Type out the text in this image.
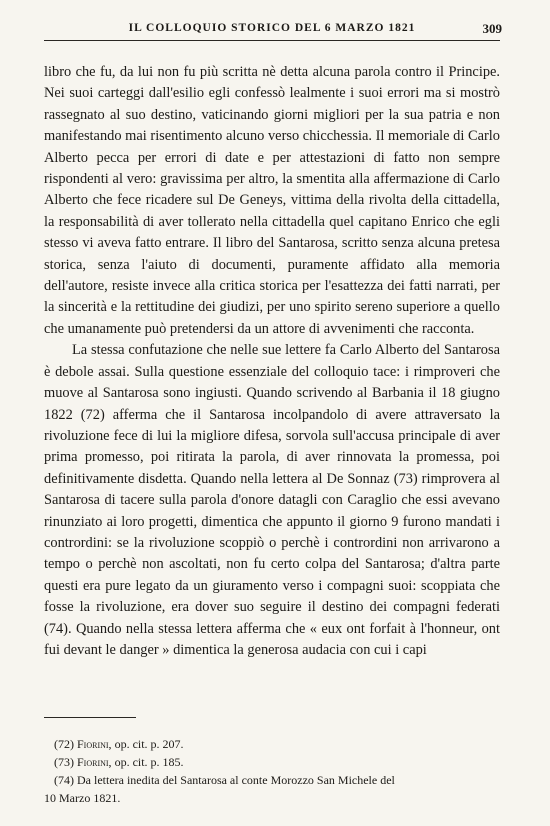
IL COLLOQUIO STORICO DEL 6 MARZO 1821	309

libro che fu, da lui non fu più scritta nè detta alcuna parola contro il Principe. Nei suoi carteggi dall'esilio egli confessò lealmente i suoi errori ma si mostrò rassegnato al suo destino, vaticinando giorni migliori per la sua patria e non manifestando mai risentimento alcuno verso chicchessia. Il memoriale di Carlo Alberto pecca per errori di date e per attestazioni di fatto non sempre rispondenti al vero: gravissima per altro, la smentita alla affermazione di Carlo Alberto che fece ricadere sul De Geneys, vittima della rivolta della cittadella, la responsabilità di aver tollerato nella cittadella quel capitano Enrico che egli stesso vi aveva fatto entrare. Il libro del Santarosa, scritto senza alcuna pretesa storica, senza l'aiuto di documenti, puramente affidato alla memoria dell'autore, resiste invece alla critica storica per l'esattezza dei fatti narrati, per la sincerità e la rettitudine dei giudizi, per uno spirito sereno superiore a quello che umanamente può pretendersi da un attore di avvenimenti che racconta.

La stessa confutazione che nelle sue lettere fa Carlo Alberto del Santarosa è debole assai. Sulla questione essenziale del colloquio tace: i rimproveri che muove al Santarosa sono ingiusti. Quando scrivendo al Barbania il 18 giugno 1822 (72) afferma che il Santarosa incolpandolo di avere attraversato la rivoluzione fece di lui la migliore difesa, sorvola sull'accusa principale di aver prima promesso, poi ritirata la parola, di aver rinnovata la promessa, poi definitivamente disdetta. Quando nella lettera al De Sonnaz (73) rimprovera al Santarosa di tacere sulla parola d'onore datagli con Caraglio che essi avevano rinunziato ai loro progetti, dimentica che appunto il giorno 9 furono mandati i contrordini: se la rivoluzione scoppiò o perchè i contrordini non arrivarono a tempo o perchè non ascoltati, non fu certo colpa del Santarosa; d'altra parte questi era pure legato da un giuramento verso i compagni suoi: scoppiata che fosse la rivoluzione, era dover suo seguire il destino dei compagni federati (74). Quando nella stessa lettera afferma che « eux ont forfait à l'honneur, ont fui devant le danger » dimentica la generosa audacia con cui i capi

(72) Fiorini, op. cit. p. 207.

(73) Fiorini, op. cit. p. 185.

(74) Da lettera inedita del Santarosa al conte Morozzo San Michele del

10 Marzo 1821.
